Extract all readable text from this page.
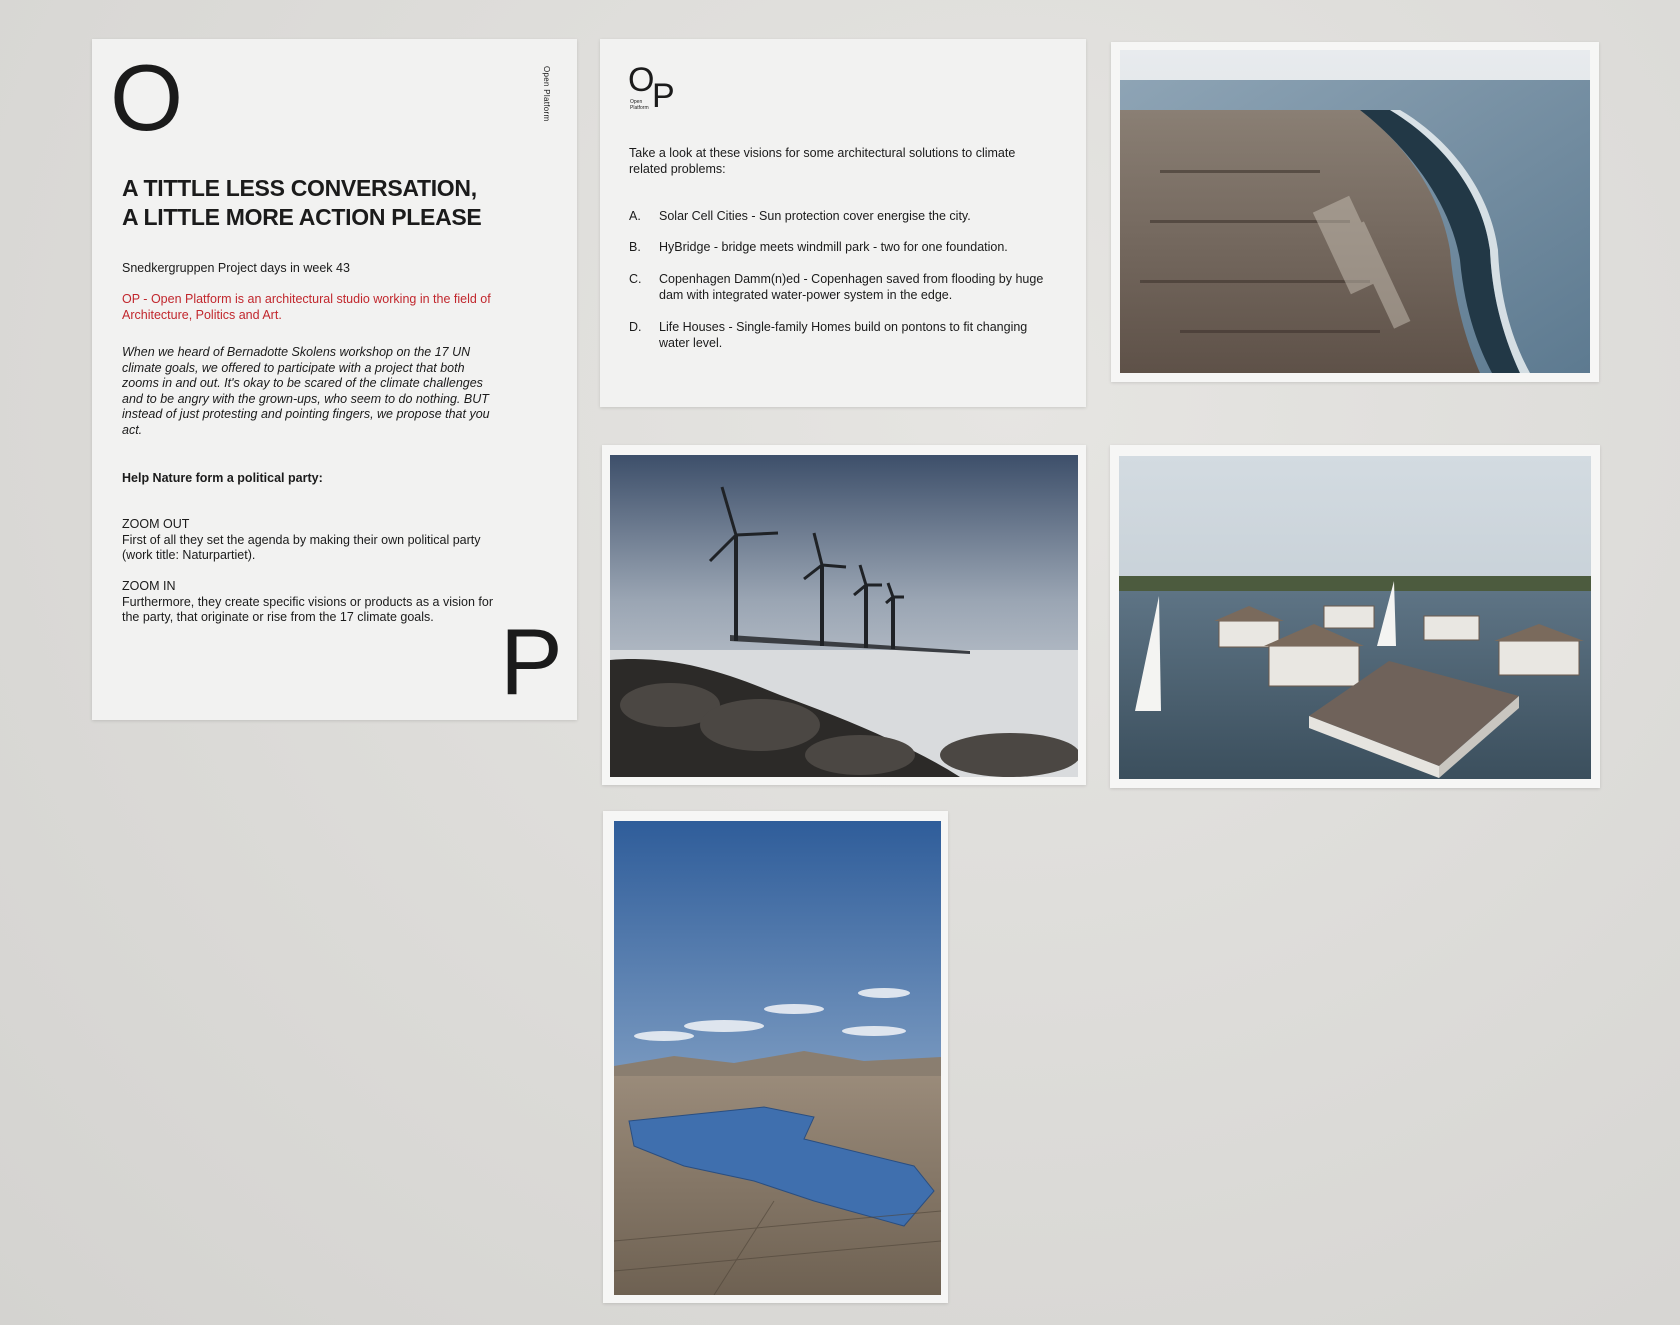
O	Open Platform
A TITTLE LESS CONVERSATION,
A LITTLE MORE ACTION PLEASE
Snedkergruppen Project days in week 43
OP - Open Platform is an architectural studio working in the field of Architecture, Politics and Art.
When we heard of Bernadotte Skolens workshop on the 17 UN climate goals, we offered to participate with a project that both zooms in and out. It's okay to be scared of the climate challenges and to be angry with the grown-ups, who seem to do nothing. BUT instead of just protesting and pointing fingers, we propose that you act.
Help Nature form a political party:
ZOOM OUT
First of all they set the agenda by making their own political party (work title: Naturpartiet).
ZOOM IN
Furthermore, they create specific visions or products as a vision for the party, that originate or rise from the 17 climate goals. P
O
P
Open Platform
Take a look at these visions for some architectural solutions to climate related problems:
A. Solar Cell Cities - Sun protection cover energise the city.
B. HyBridge - bridge meets windmill park - two for one foundation.
C. Copenhagen Damm(n)ed - Copenhagen saved from flooding by huge dam with integrated water-power system in the edge.
D. Life Houses - Single-family Homes build on pontons to fit changing water level.
